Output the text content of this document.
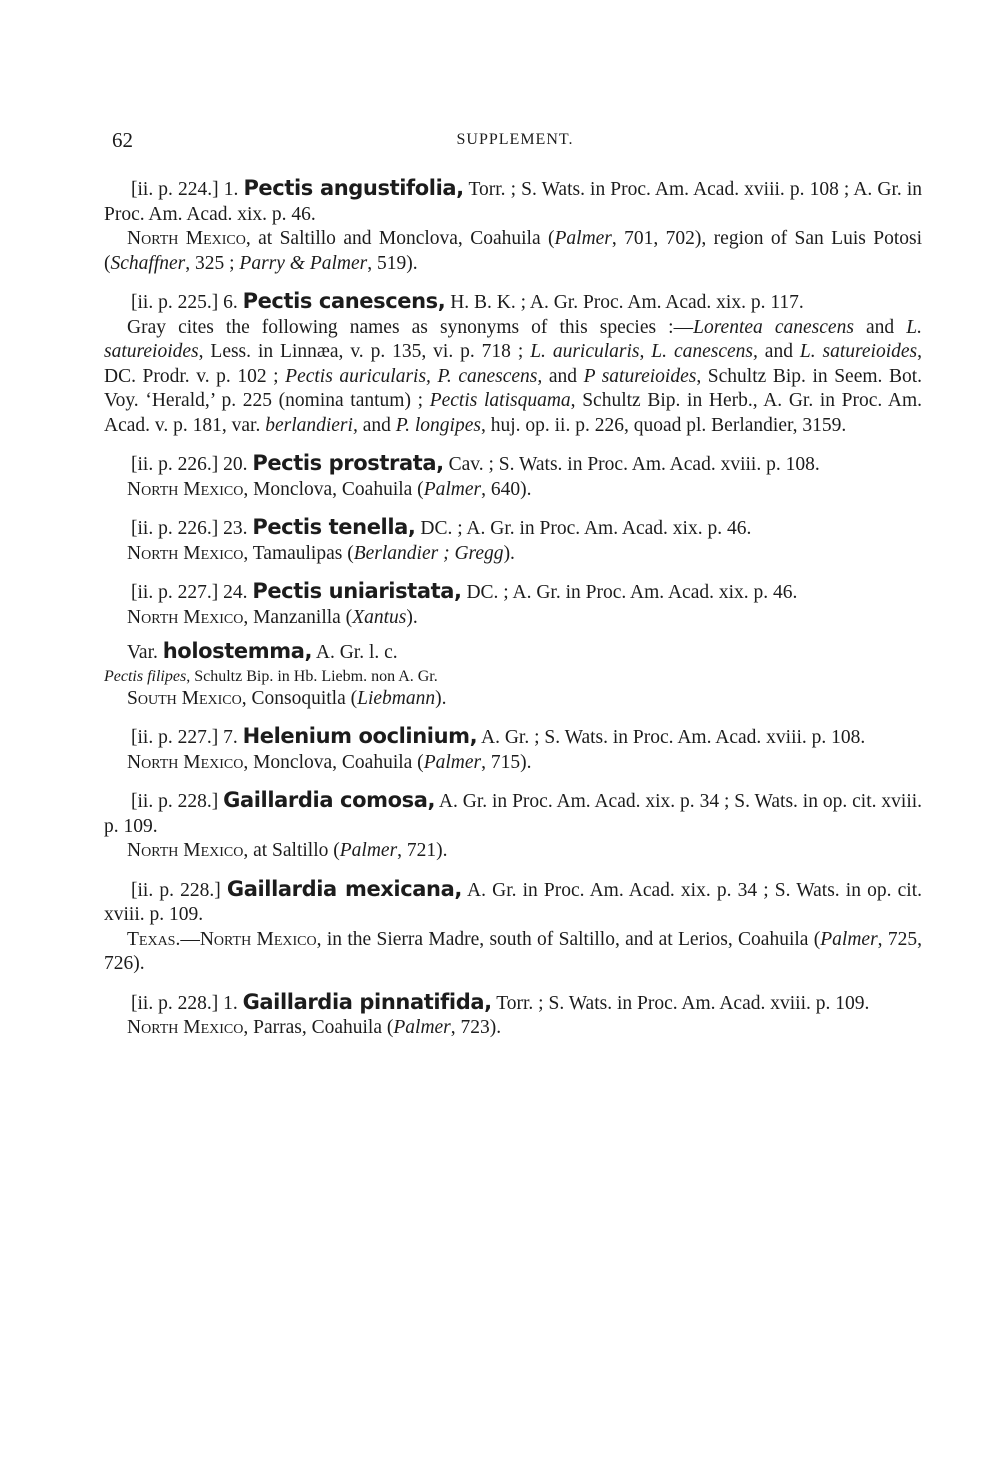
62	SUPPLEMENT.

[ii. p. 224.] 1. Pectis angustifolia, Torr. ; S. Wats. in Proc. Am. Acad. xviii. p. 108 ; A. Gr. in Proc. Am. Acad. xix. p. 46.

North Mexico, at Saltillo and Monclova, Coahuila (Palmer, 701, 702), region of San Luis Potosi (Schaffner, 325 ; Parry & Palmer, 519).

[ii. p. 225.] 6. Pectis canescens, H. B. K. ; A. Gr. Proc. Am. Acad. xix. p. 117.

Gray cites the following names as synonyms of this species :—Lorentea canescens and L. satureioides, Less. in Linnæa, v. p. 135, vi. p. 718 ; L. auricularis, L. canescens, and L. satureioides, DC. Prodr. v. p. 102 ; Pectis auricularis, P. canescens, and P satureioides, Schultz Bip. in Seem. Bot. Voy. ‘Herald,’ p. 225 (nomina tantum) ; Pectis latisquama, Schultz Bip. in Herb., A. Gr. in Proc. Am. Acad. v. p. 181, var. berlandieri, and P. longipes, huj. op. ii. p. 226, quoad pl. Berlandier, 3159.

[ii. p. 226.] 20. Pectis prostrata, Cav. ; S. Wats. in Proc. Am. Acad. xviii. p. 108.

North Mexico, Monclova, Coahuila (Palmer, 640).

[ii. p. 226.] 23. Pectis tenella, DC. ; A. Gr. in Proc. Am. Acad. xix. p. 46.

North Mexico, Tamaulipas (Berlandier ; Gregg).

[ii. p. 227.] 24. Pectis uniaristata, DC. ; A. Gr. in Proc. Am. Acad. xix. p. 46.

North Mexico, Manzanilla (Xantus).

Var. holostemma, A. Gr. l. c.

Pectis filipes, Schultz Bip. in Hb. Liebm. non A. Gr.

South Mexico, Consoquitla (Liebmann).

[ii. p. 227.] 7. Helenium ooclinium, A. Gr. ; S. Wats. in Proc. Am. Acad. xviii. p. 108.

North Mexico, Monclova, Coahuila (Palmer, 715).

[ii. p. 228.] Gaillardia comosa, A. Gr. in Proc. Am. Acad. xix. p. 34 ; S. Wats. in op. cit. xviii. p. 109.

North Mexico, at Saltillo (Palmer, 721).

[ii. p. 228.] Gaillardia mexicana, A. Gr. in Proc. Am. Acad. xix. p. 34 ; S. Wats. in op. cit. xviii. p. 109.

Texas.—North Mexico, in the Sierra Madre, south of Saltillo, and at Lerios, Coahuila (Palmer, 725, 726).

[ii. p. 228.] 1. Gaillardia pinnatifida, Torr. ; S. Wats. in Proc. Am. Acad. xviii. p. 109.

North Mexico, Parras, Coahuila (Palmer, 723).
